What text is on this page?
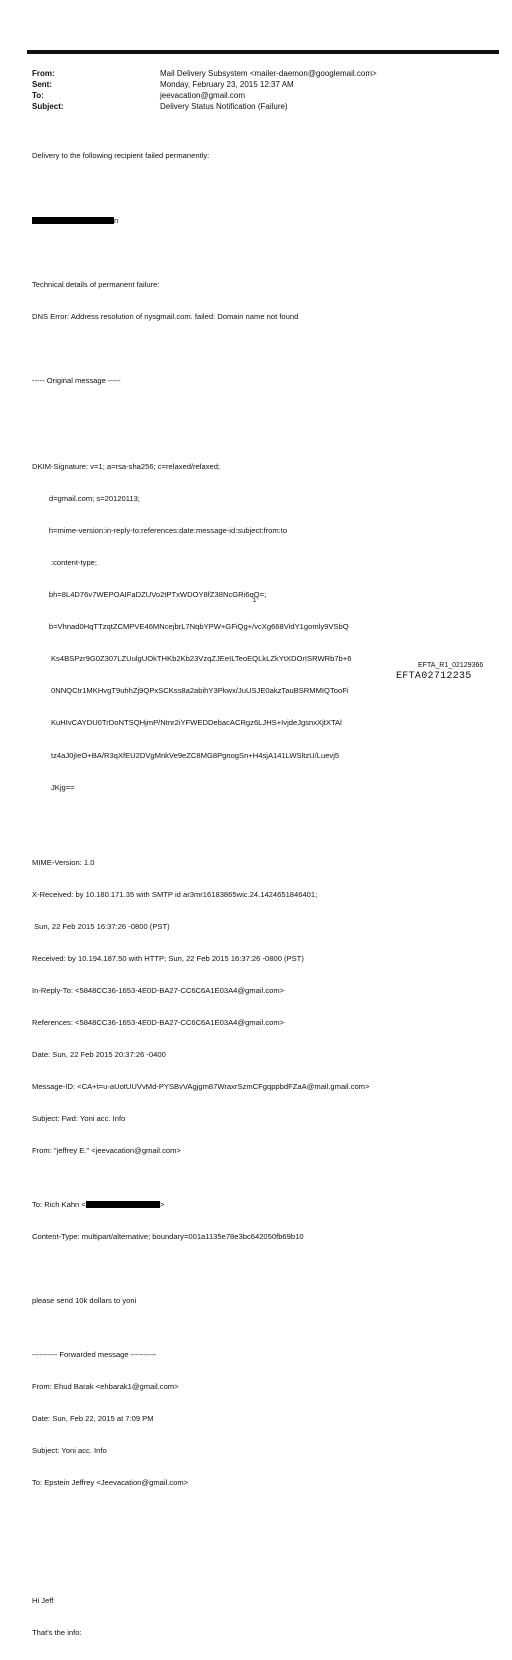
From:	Mail Delivery Subsystem <mailer-daemon@googlemail.com>
Sent:	Monday, February 23, 2015 12:37 AM
To:	jeevacation@gmail.com
Subject:	Delivery Status Notification (Failure)

Delivery to the following recipient failed permanently:

n

Technical details of permanent failure:

DNS Error: Address resolution of nysgmail.com. failed: Domain name not found

----- Original message -----

DKIM-Signature: v=1; a=rsa-sha256; c=relaxed/relaxed;

d=gmail.com; s=20120113;

h=mime-version:in-reply-to:references:date:message-id:subject:from:to

:content-type;

bh=8L4D76v7WEPOAIFaDZUVo2tPTxWDOY8fZ38NcGRi6qQ=;

b=Vhnad0HqTTzqtZCMPVE46MNcejbrL7NqbYPW+GFiQg+/vcXg668VidY1gomly9VSbQ

Ks4BSPzr9G0Z307LZUulgUOkTHKb2Kb23VzqZJEeILTeoEQLkLZkYtXDOrISRWRb7b+6

0NNQCtr1MKHvgT9uhhZj9QPxSCKss8a2abihY3Pkwx/JuUSJE0akzTauBSRMMIQTooFi

KuHIvCAYDU0TrDoNTSQHjmP/Ntnr2iYFWEDDebacACRgz6LJHS+IvjdeJgsnxXjtXTAl

tz4aJ0jIeO+BA/R3qXfEU2DVgMnkVe9eZC8MG8PgnogSn+H4sjA141LWSltzU/Luevj5

JKjg==

MIME-Version: 1.0

X-Received: by 10.180.171.35 with SMTP id ar3mr16183865wic.24.1424651846401;

Sun, 22 Feb 2015 16:37:26 -0800 (PST)

Received: by 10.194.187.50 with HTTP; Sun, 22 Feb 2015 16:37:26 -0800 (PST)

In-Reply-To: <5848CC36-1653-4E0D-BA27-CC6C6A1E03A4@gmail.com>

References: <5848CC36-1653-4E0D-BA27-CC6C6A1E03A4@gmail.com>

Date: Sun, 22 Feb 2015 20:37:26 -0400

Message-ID: <CA+t=u-aUotUUVvMd-PYSBvVAgjgm87WraxrSzmCFgqppbdFZaA@mail.gmail.com>

Subject: Fwd: Yoni acc. Info

From: "jeffrey E." <jeevacation@gmail.com>

To: Rich Kahn <	>

Content-Type: multipart/alternative; boundary=001a1135e78e3bc642050fb69b10

please send 10k dollars to yoni

---------- Forwarded message ----------

From: Ehud Barak <ehbarak1@gmail.com>

Date: Sun, Feb 22, 2015 at 7:09 PM

Subject: Yoni acc. Info

To: Epstein Jeffrey <Jeevacation@gmail.com>

Hi Jeff

That's the info:

1
EFTA_R1_02129366
EFTA02712235
